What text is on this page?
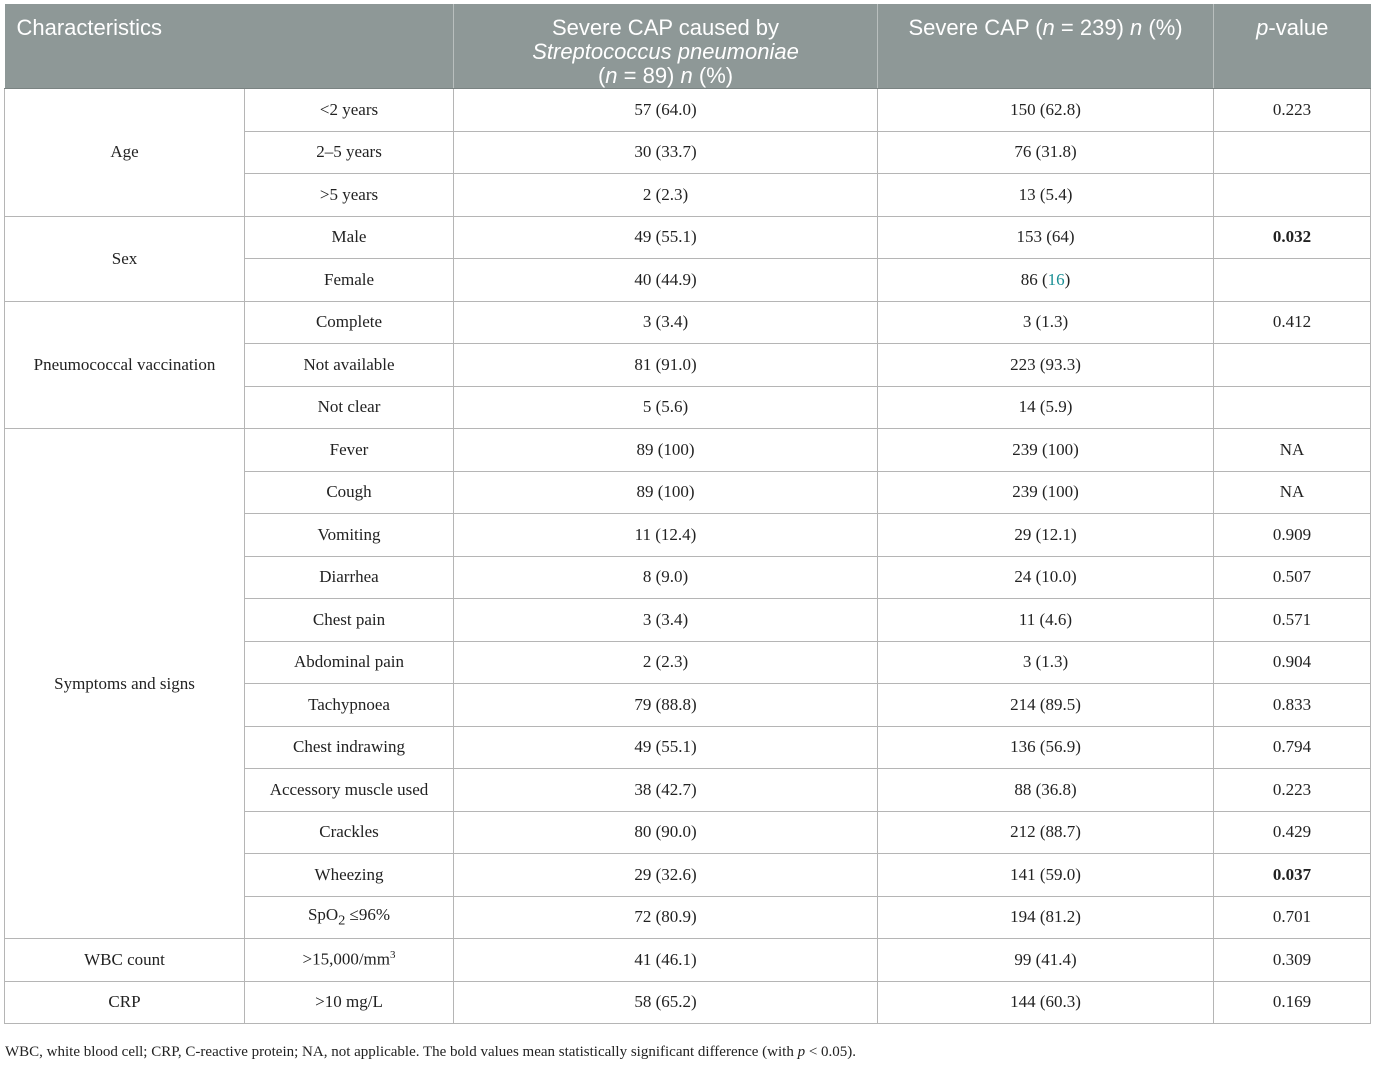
Characteristics		Severe CAP caused by
Streptococcus pneumoniae
(n = 89) n (%)	Severe CAP (n = 239) n (%)	p-value
Age	<2 years	57 (64.0)	150 (62.8)	0.223
	2–5 years	30 (33.7)	76 (31.8)	
	>5 years	2 (2.3)	13 (5.4)	
Sex	Male	49 (55.1)	153 (64)	0.032
	Female	40 (44.9)	86 (16)	
Pneumococcal vaccination	Complete	3 (3.4)	3 (1.3)	0.412
	Not available	81 (91.0)	223 (93.3)	
	Not clear	5 (5.6)	14 (5.9)	
Symptoms and signs	Fever	89 (100)	239 (100)	NA
	Cough	89 (100)	239 (100)	NA
	Vomiting	11 (12.4)	29 (12.1)	0.909
	Diarrhea	8 (9.0)	24 (10.0)	0.507
	Chest pain	3 (3.4)	11 (4.6)	0.571
	Abdominal pain	2 (2.3)	3 (1.3)	0.904
	Tachypnoea	79 (88.8)	214 (89.5)	0.833
	Chest indrawing	49 (55.1)	136 (56.9)	0.794
	Accessory muscle used	38 (42.7)	88 (36.8)	0.223
	Crackles	80 (90.0)	212 (88.7)	0.429
	Wheezing	29 (32.6)	141 (59.0)	0.037
	SpO$_2$ ≤96%	72 (80.9)	194 (81.2)	0.701
WBC count	$>15,000/mm^3$	41 (46.1)	99 (41.4)	0.309
CRP	>10 mg/L	58 (65.2)	144 (60.3)	0.169
WBC, white blood cell; CRP, C-reactive protein; NA, not applicable. The bold values mean statistically significant difference (with p < 0.05).
